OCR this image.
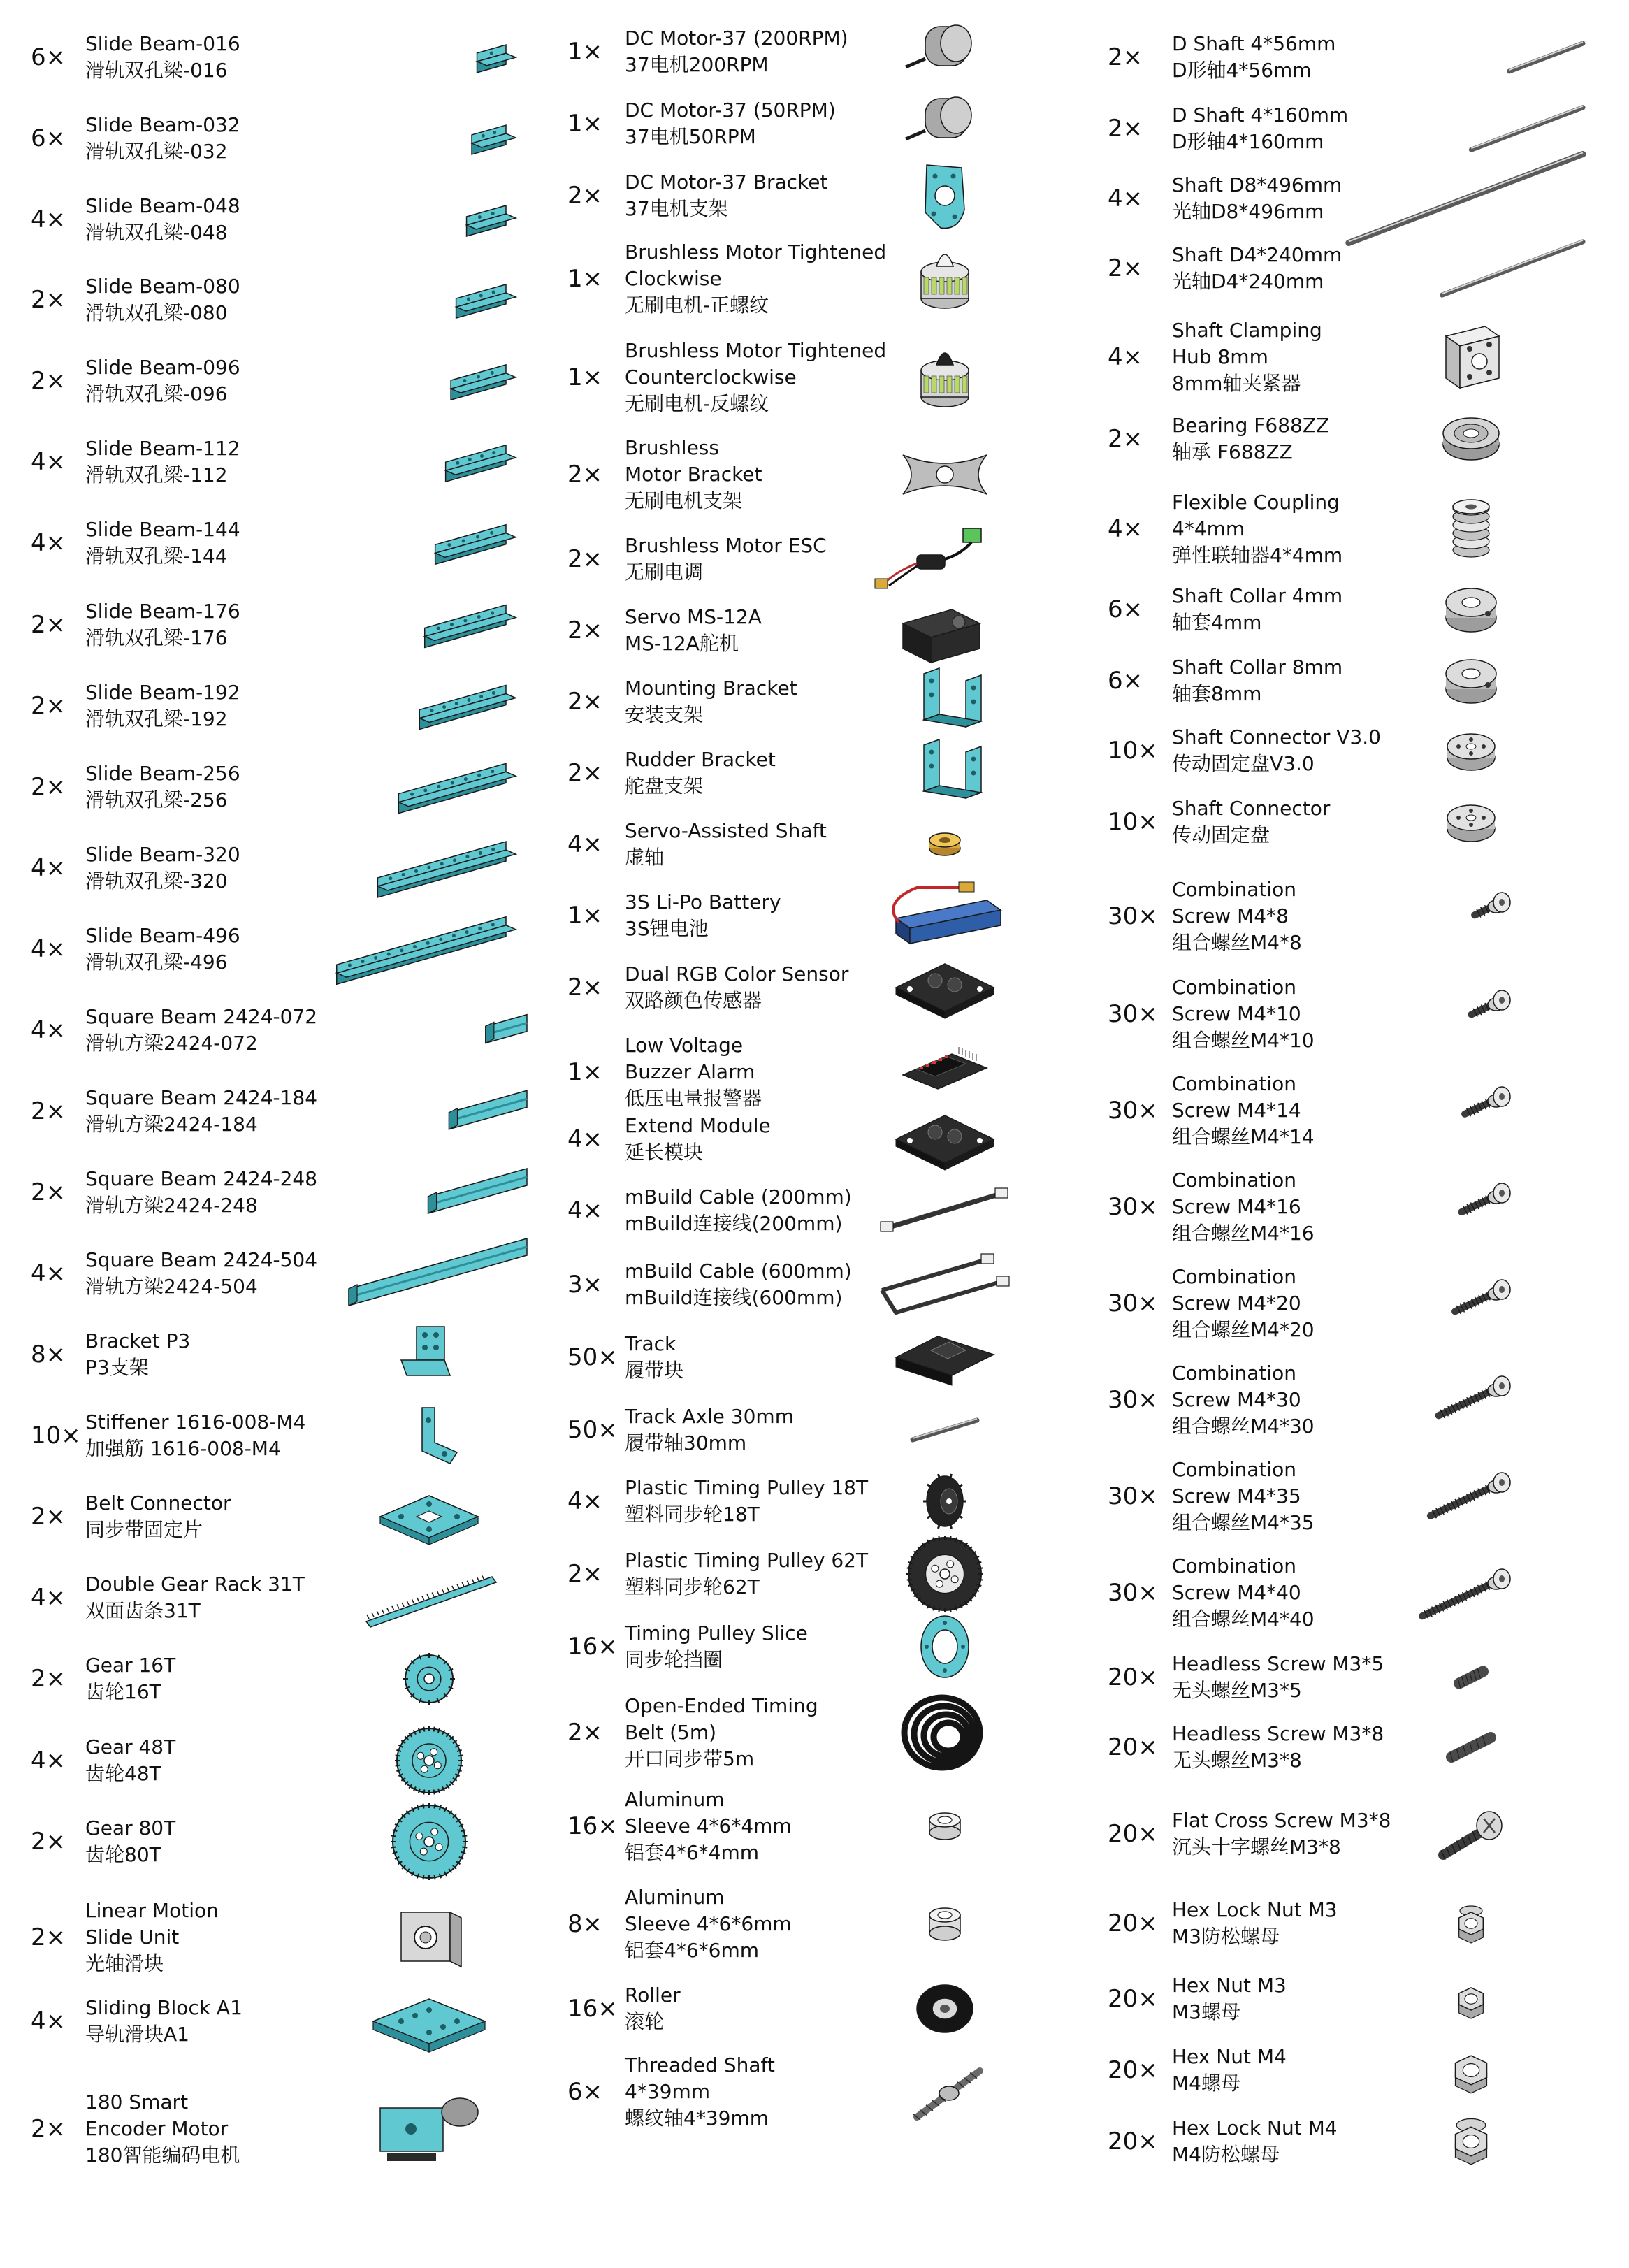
6× Slide Beam-016
滑轨双孔梁-016
6× Slide Beam-032
滑轨双孔梁-032
4× Slide Beam-048
滑轨双孔梁-048
2× Slide Beam-080
滑轨双孔梁-080
2× Slide Beam-096
滑轨双孔梁-096
4× Slide Beam-112
滑轨双孔梁-112
4× Slide Beam-144
滑轨双孔梁-144
2× Slide Beam-176
滑轨双孔梁-176
2× Slide Beam-192
滑轨双孔梁-192
2× Slide Beam-256
滑轨双孔梁-256
4× Slide Beam-320
滑轨双孔梁-320
4× Slide Beam-496
滑轨双孔梁-496
4× Square Beam 2424-072
滑轨方梁2424-072
2× Square Beam 2424-184
滑轨方梁2424-184
2× Square Beam 2424-248
滑轨方梁2424-248
4× Square Beam 2424-504
滑轨方梁2424-504
8× Bracket P3
P3支架
10× Stiffener 1616-008-M4
加强筋 1616-008-M4
2× Belt Connector
同步带固定片
4× Double Gear Rack 31T
双面齿条31T
2× Gear 16T
齿轮16T
4× Gear 48T
齿轮48T
2× Gear 80T
齿轮80T
2×
Linear Motion
Slide Unit
光轴滑块
4× Sliding Block A1
导轨滑块A1
2×
180 Smart
Encoder Motor
180智能编码电机
1×	DC Motor-37 (200RPM)
37电机200RPM
1×	DC Motor-37 (50RPM)
37电机50RPM
2×	DC Motor-37 Bracket
37电机支架
1×
Brushless Motor Tightened
Clockwise
无刷电机-正螺纹
1×
Brushless Motor Tightened
Counterclockwise
无刷电机-反螺纹
2×
Brushless
Motor Bracket
无刷电机支架
2×	Brushless Motor ESC
无刷电调
2×	Servo MS-12A
MS-12A舵机
2×	Mounting Bracket
安装支架
2×	Rudder Bracket
舵盘支架
4×	Servo-Assisted Shaft
虚轴
1×	3S Li-Po Battery
3S锂电池
2×	Dual RGB Color Sensor
双路颜色传感器
1×
Low Voltage
Buzzer Alarm
低压电量报警器
4×	Extend Module
延长模块
4×	mBuild Cable (200mm)
mBuild连接线(200mm)
3×	mBuild Cable (600mm)
mBuild连接线(600mm)
50× Track
履带块
50× Track Axle 30mm
履带轴30mm
4×	Plastic Timing Pulley 18T
塑料同步轮18T
2×	Plastic Timing Pulley 62T
塑料同步轮62T
16× Timing Pulley Slice
同步轮挡圈
2×
Open-Ended Timing
Belt (5m)
开口同步带5m
16×
Aluminum
Sleeve 4*6*4mm
铝套4*6*4mm
8×
Aluminum
Sleeve 4*6*6mm
铝套4*6*6mm
16× Roller
滚轮
6×
Threaded Shaft
4*39mm
螺纹轴4*39mm
2×	D Shaft 4*56mm
D形轴4*56mm
2×	D Shaft 4*160mm
D形轴4*160mm
4×	Shaft D8*496mm
光轴D8*496mm
2×	Shaft D4*240mm
光轴D4*240mm
4×
Shaft Clamping
Hub 8mm
8mm轴夹紧器
2×	Bearing F688ZZ
轴承 F688ZZ
4×
Flexible Coupling
4*4mm
弹性联轴器4*4mm
6×	Shaft Collar 4mm
轴套4mm
6×	Shaft Collar 8mm
轴套8mm
10× Shaft Connector V3.0
传动固定盘V3.0
10× Shaft Connector
传动固定盘
30×
Combination
Screw M4*8
组合螺丝M4*8
30×
Combination
Screw M4*10
组合螺丝M4*10
30×
Combination
Screw M4*14
组合螺丝M4*14
30×
Combination
Screw M4*16
组合螺丝M4*16
30×
Combination
Screw M4*20
组合螺丝M4*20
30×
Combination
Screw M4*30
组合螺丝M4*30
30×
Combination
Screw M4*35
组合螺丝M4*35
30×
Combination
Screw M4*40
组合螺丝M4*40
20× Headless Screw M3*5
无头螺丝M3*5
20× Headless Screw M3*8
无头螺丝M3*8
20× Flat Cross Screw M3*8
沉头十字螺丝M3*8
20× Hex Lock Nut M3
M3防松螺母
20× Hex Nut M3
M3螺母
20× Hex Nut M4
M4螺母
20× Hex Lock Nut M4
M4防松螺母
